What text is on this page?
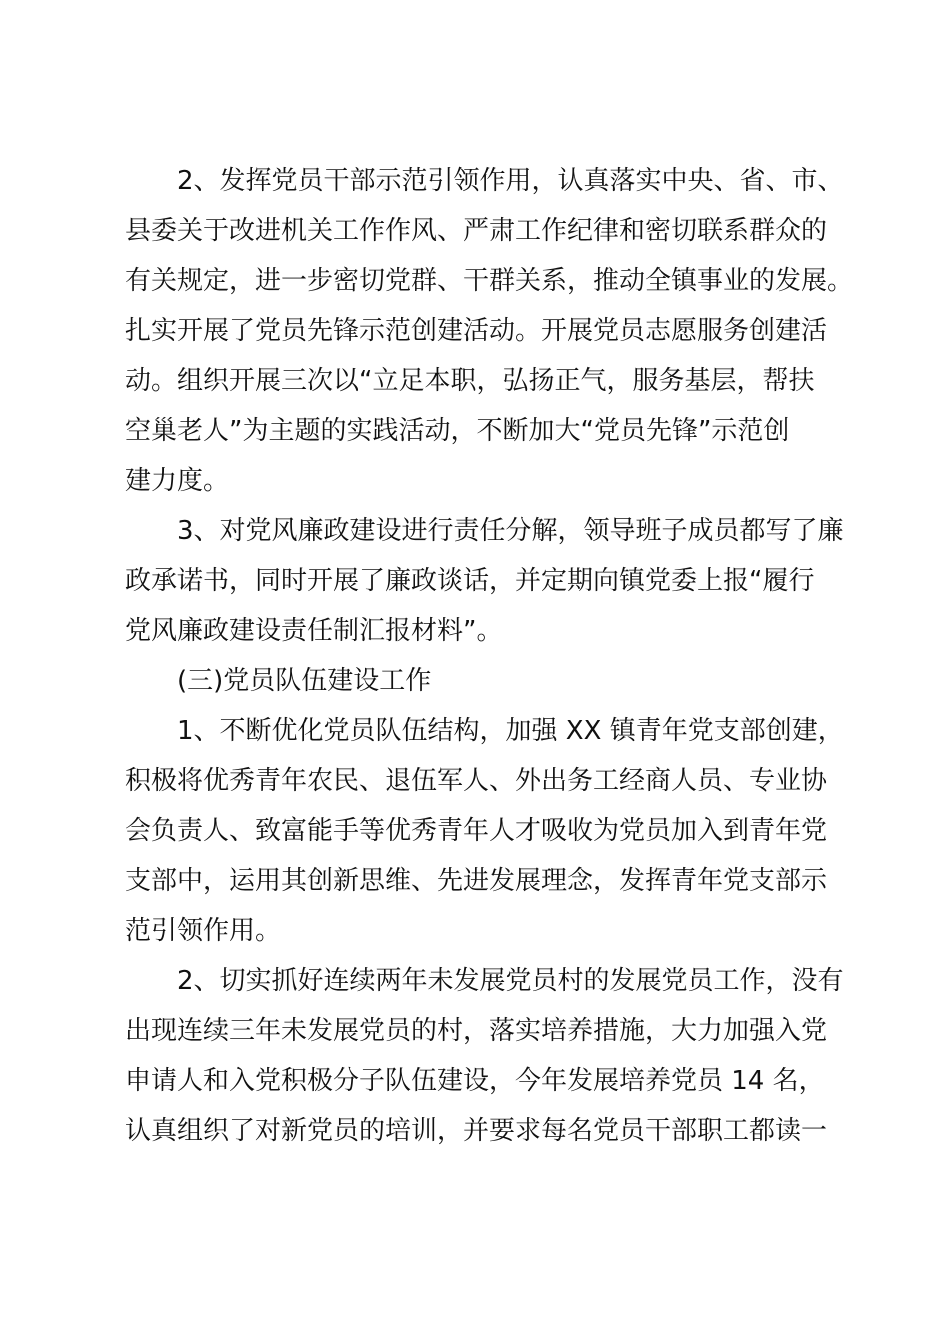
2、发挥党员干部示范引领作用，认真落实中央、省、市、
县委关于改进机关工作作风、严肃工作纪律和密切联系群众的
有关规定，进一步密切党群、干群关系，推动全镇事业的发展。
扎实开展了党员先锋示范创建活动。开展党员志愿服务创建活
动。组织开展三次以“立足本职，弘扬正气，服务基层，帮扶
空巢老人”为主题的实践活动，不断加大“党员先锋”示范创
建力度。

3、对党风廉政建设进行责任分解，领导班子成员都写了廉
政承诺书，同时开展了廉政谈话，并定期向镇党委上报“履行
党风廉政建设责任制汇报材料”。

(三)党员队伍建设工作

1、不断优化党员队伍结构，加强 XX 镇青年党支部创建，
积极将优秀青年农民、退伍军人、外出务工经商人员、专业协
会负责人、致富能手等优秀青年人才吸收为党员加入到青年党
支部中，运用其创新思维、先进发展理念，发挥青年党支部示
范引领作用。

2、切实抓好连续两年未发展党员村的发展党员工作，没有
出现连续三年未发展党员的村，落实培养措施，大力加强入党
申请人和入党积极分子队伍建设，今年发展培养党员 14 名，
认真组织了对新党员的培训，并要求每名党员干部职工都读一
